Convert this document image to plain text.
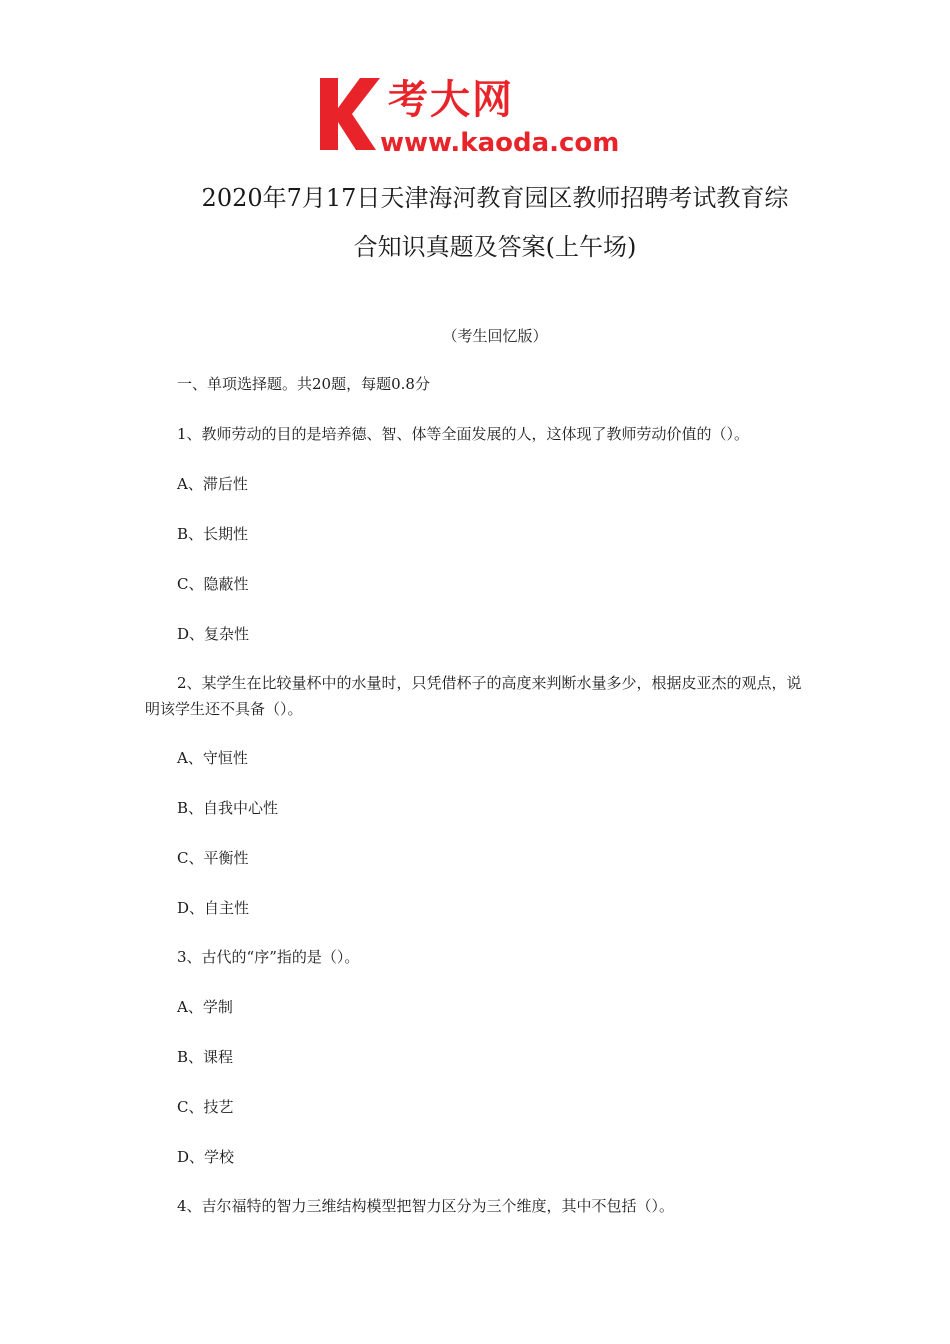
考大网
www.kaoda.com
2020年7月17日天津海河教育园区教师招聘考试教育综
合知识真题及答案(上午场)
（考生回忆版）
一、单项选择题。共20题，每题0.8分
1、教师劳动的目的是培养德、智、体等全面发展的人，这体现了教师劳动价值的（）。
A、滞后性
B、长期性
C、隐蔽性
D、复杂性
2、某学生在比较量杯中的水量时，只凭借杯子的高度来判断水量多少，根据皮亚杰的观点，说明该学生还不具备（）。
A、守恒性
B、自我中心性
C、平衡性
D、自主性
3、古代的“序”指的是（）。
A、学制
B、课程
C、技艺
D、学校
4、吉尔福特的智力三维结构模型把智力区分为三个维度，其中不包括（）。
